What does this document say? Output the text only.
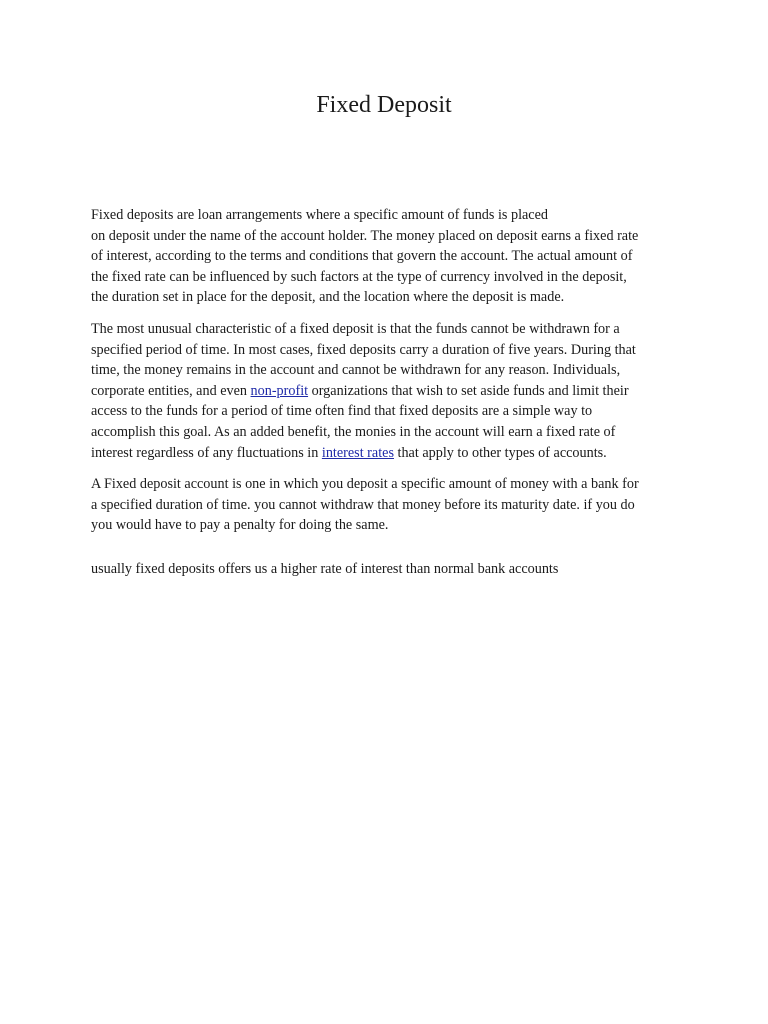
Fixed Deposit

Fixed deposits are loan arrangements where a specific amount of funds is placed
on deposit under the name of the account holder. The money placed on deposit earns a fixed rate
of interest, according to the terms and conditions that govern the account. The actual amount of
the fixed rate can be influenced by such factors at the type of currency involved in the deposit,
the duration set in place for the deposit, and the location where the deposit is made.

The most unusual characteristic of a fixed deposit is that the funds cannot be withdrawn for a
specified period of time. In most cases, fixed deposits carry a duration of five years. During that
time, the money remains in the account and cannot be withdrawn for any reason. Individuals,
corporate entities, and even non-profit organizations that wish to set aside funds and limit their
access to the funds for a period of time often find that fixed deposits are a simple way to
accomplish this goal. As an added benefit, the monies in the account will earn a fixed rate of
interest regardless of any fluctuations in interest rates that apply to other types of accounts.

A Fixed deposit account is one in which you deposit a specific amount of money with a bank for
a specified duration of time. you cannot withdraw that money before its maturity date. if you do
you would have to pay a penalty for doing the same.

usually fixed deposits offers us a higher rate of interest than normal bank accounts
